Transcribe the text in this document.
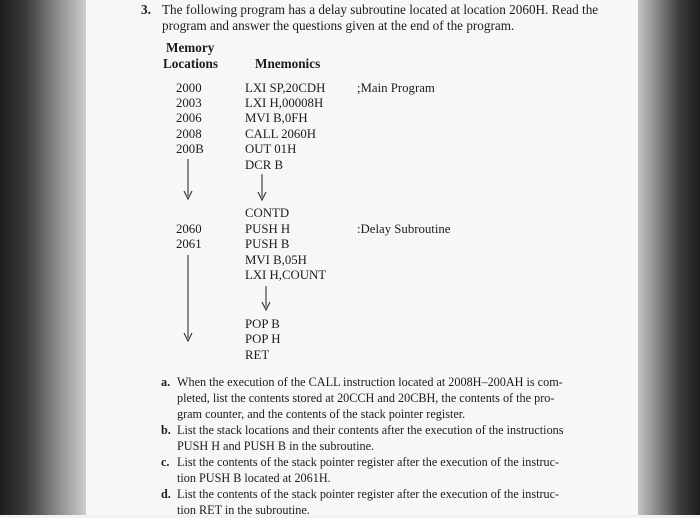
3. The following program has a delay subroutine located at location 2060H. Read the
program and answer the questions given at the end of the program.
Memory
Locations	Mnemonics
2000	LXI SP,20CDH ;Main Program
2003	LXI H,00008H
2006	MVI B,0FH
2008	CALL 2060H
200B	OUT 01H
DCR B
CONTD
2060	PUSH H	:Delay Subroutine
2061	PUSH B
MVI B,05H
LXI H,COUNT
POP B
POP H
RET
a. When the execution of the CALL instruction located at 2008H–200AH is com-
pleted, list the contents stored at 20CCH and 20CBH, the contents of the pro-
gram counter, and the contents of the stack pointer register.
b. List the stack locations and their contents after the execution of the instructions
PUSH H and PUSH B in the subroutine.
c. List the contents of the stack pointer register after the execution of the instruc-
tion PUSH B located at 2061H.
d. List the contents of the stack pointer register after the execution of the instruc-
tion RET in the subroutine.
